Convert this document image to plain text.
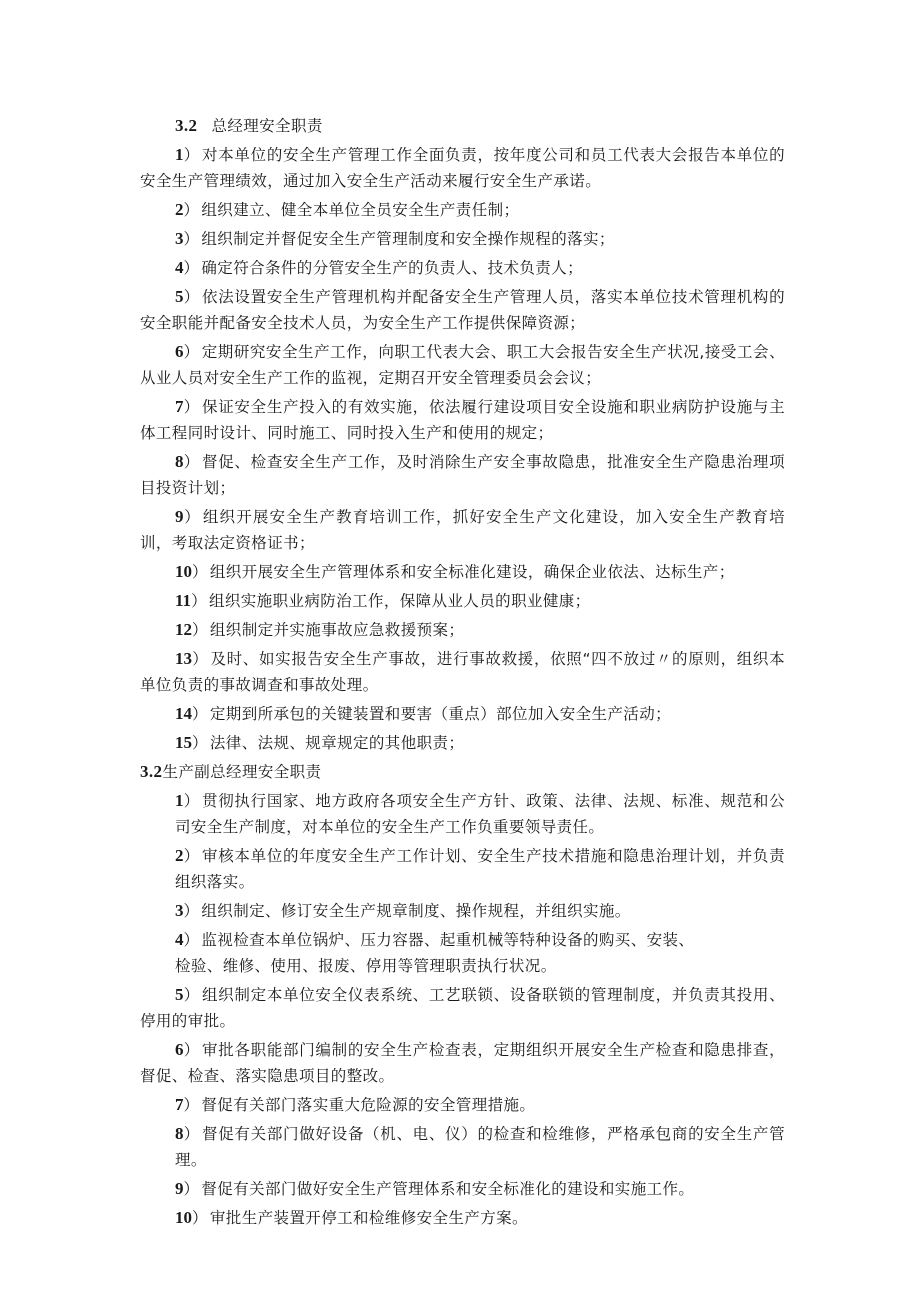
3.2 总经理安全职责

1） 对本单位的安全生产管理工作全面负责，按年度公司和员工代表大会报告本单位的安全生产管理绩效，通过加入安全生产活动来履行安全生产承诺。

2） 组织建立、健全本单位全员安全生产责任制；

3） 组织制定并督促安全生产管理制度和安全操作规程的落实；

4） 确定符合条件的分管安全生产的负责人、技术负责人；

5） 依法设置安全生产管理机构并配备安全生产管理人员，落实本单位技术管理机构的安全职能并配备安全技术人员，为安全生产工作提供保障资源；

6） 定期研究安全生产工作，向职工代表大会、职工大会报告安全生产状况,接受工会、从业人员对安全生产工作的监视，定期召开安全管理委员会会议；

7） 保证安全生产投入的有效实施，依法履行建设项目安全设施和职业病防护设施与主体工程同时设计、同时施工、同时投入生产和使用的规定；

8） 督促、检查安全生产工作，及时消除生产安全事故隐患，批准安全生产隐患治理项目投资计划；

9） 组织开展安全生产教育培训工作，抓好安全生产文化建设，加入安全生产教育培训，考取法定资格证书；

10） 组织开展安全生产管理体系和安全标准化建设，确保企业依法、达标生产；

11） 组织实施职业病防治工作，保障从业人员的职业健康；

12） 组织制定并实施事故应急救援预案；

13） 及时、如实报告安全生产事故，进行事故救援，依照“四不放过〃的原则，组织本单位负责的事故调查和事故处理。

14） 定期到所承包的关键装置和要害（重点）部位加入安全生产活动；

15） 法律、法规、规章规定的其他职责；

3.2生产副总经理安全职责

1） 贯彻执行国家、地方政府各项安全生产方针、政策、法律、法规、标准、规范和公司安全生产制度，对本单位的安全生产工作负重要领导责任。

2） 审核本单位的年度安全生产工作计划、安全生产技术措施和隐患治理计划，并负责组织落实。

3） 组织制定、修订安全生产规章制度、操作规程，并组织实施。

4） 监视检查本单位锅炉、压力容器、起重机械等特种设备的购买、安装、
检验、维修、使用、报废、停用等管理职责执行状况。

5） 组织制定本单位安全仪表系统、工艺联锁、设备联锁的管理制度，并负责其投用、停用的审批。

6） 审批各职能部门编制的安全生产检查表，定期组织开展安全生产检查和隐患排查，督促、检查、落实隐患项目的整改。

7） 督促有关部门落实重大危险源的安全管理措施。

8） 督促有关部门做好设备（机、电、仪）的检查和检维修，严格承包商的安全生产管理。

9） 督促有关部门做好安全生产管理体系和安全标准化的建设和实施工作。

10） 审批生产装置开停工和检维修安全生产方案。
